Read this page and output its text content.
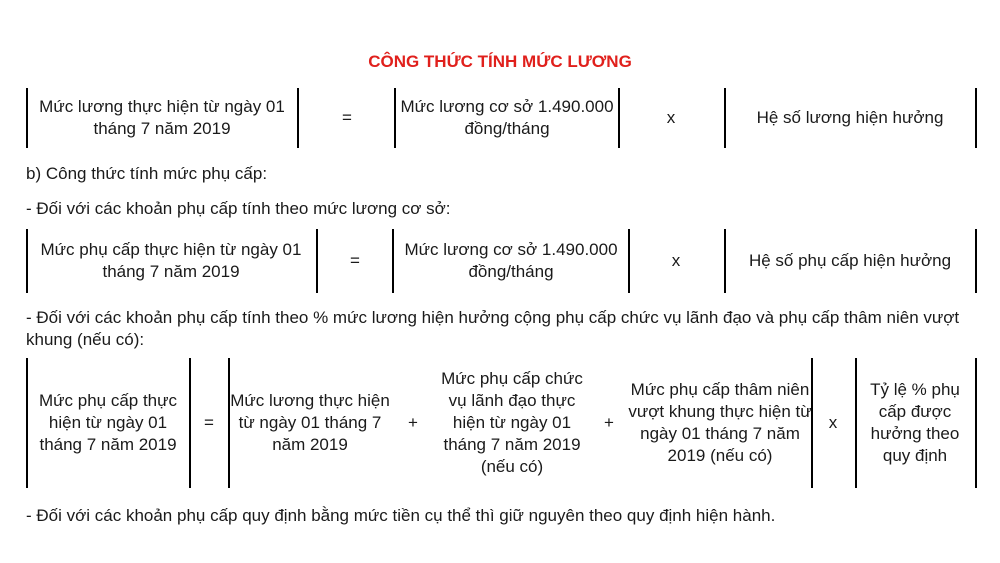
CÔNG THỨC TÍNH MỨC LƯƠNG
Mức lương thực hiện từ ngày 01 tháng 7 năm 2019
=
Mức lương cơ sở 1.490.000 đồng/tháng
x	Hệ số lương hiện hưởng
b) Công thức tính mức phụ cấp:
- Đối với các khoản phụ cấp tính theo mức lương cơ sở:
Mức phụ cấp thực hiện từ ngày 01 tháng 7 năm 2019
=
Mức lương cơ sở 1.490.000 đồng/tháng
x	Hệ số phụ cấp hiện hưởng
- Đối với các khoản phụ cấp tính theo % mức lương hiện hưởng cộng phụ cấp chức vụ lãnh đạo và phụ cấp thâm niên vượt khung (nếu có):
Mức phụ cấp thực hiện từ ngày 01 tháng 7 năm 2019
=
Mức lương thực hiện từ ngày 01 tháng 7 năm 2019
+
Mức phụ cấp chức vụ lãnh đạo thực hiện từ ngày 01 tháng 7 năm 2019 (nếu có)
+
Mức phụ cấp thâm niên vượt khung thực hiện từ ngày 01 tháng 7 năm 2019 (nếu có)
x
Tỷ lệ % phụ cấp được hưởng theo quy định
- Đối với các khoản phụ cấp quy định bằng mức tiền cụ thể thì giữ nguyên theo quy định hiện hành.
